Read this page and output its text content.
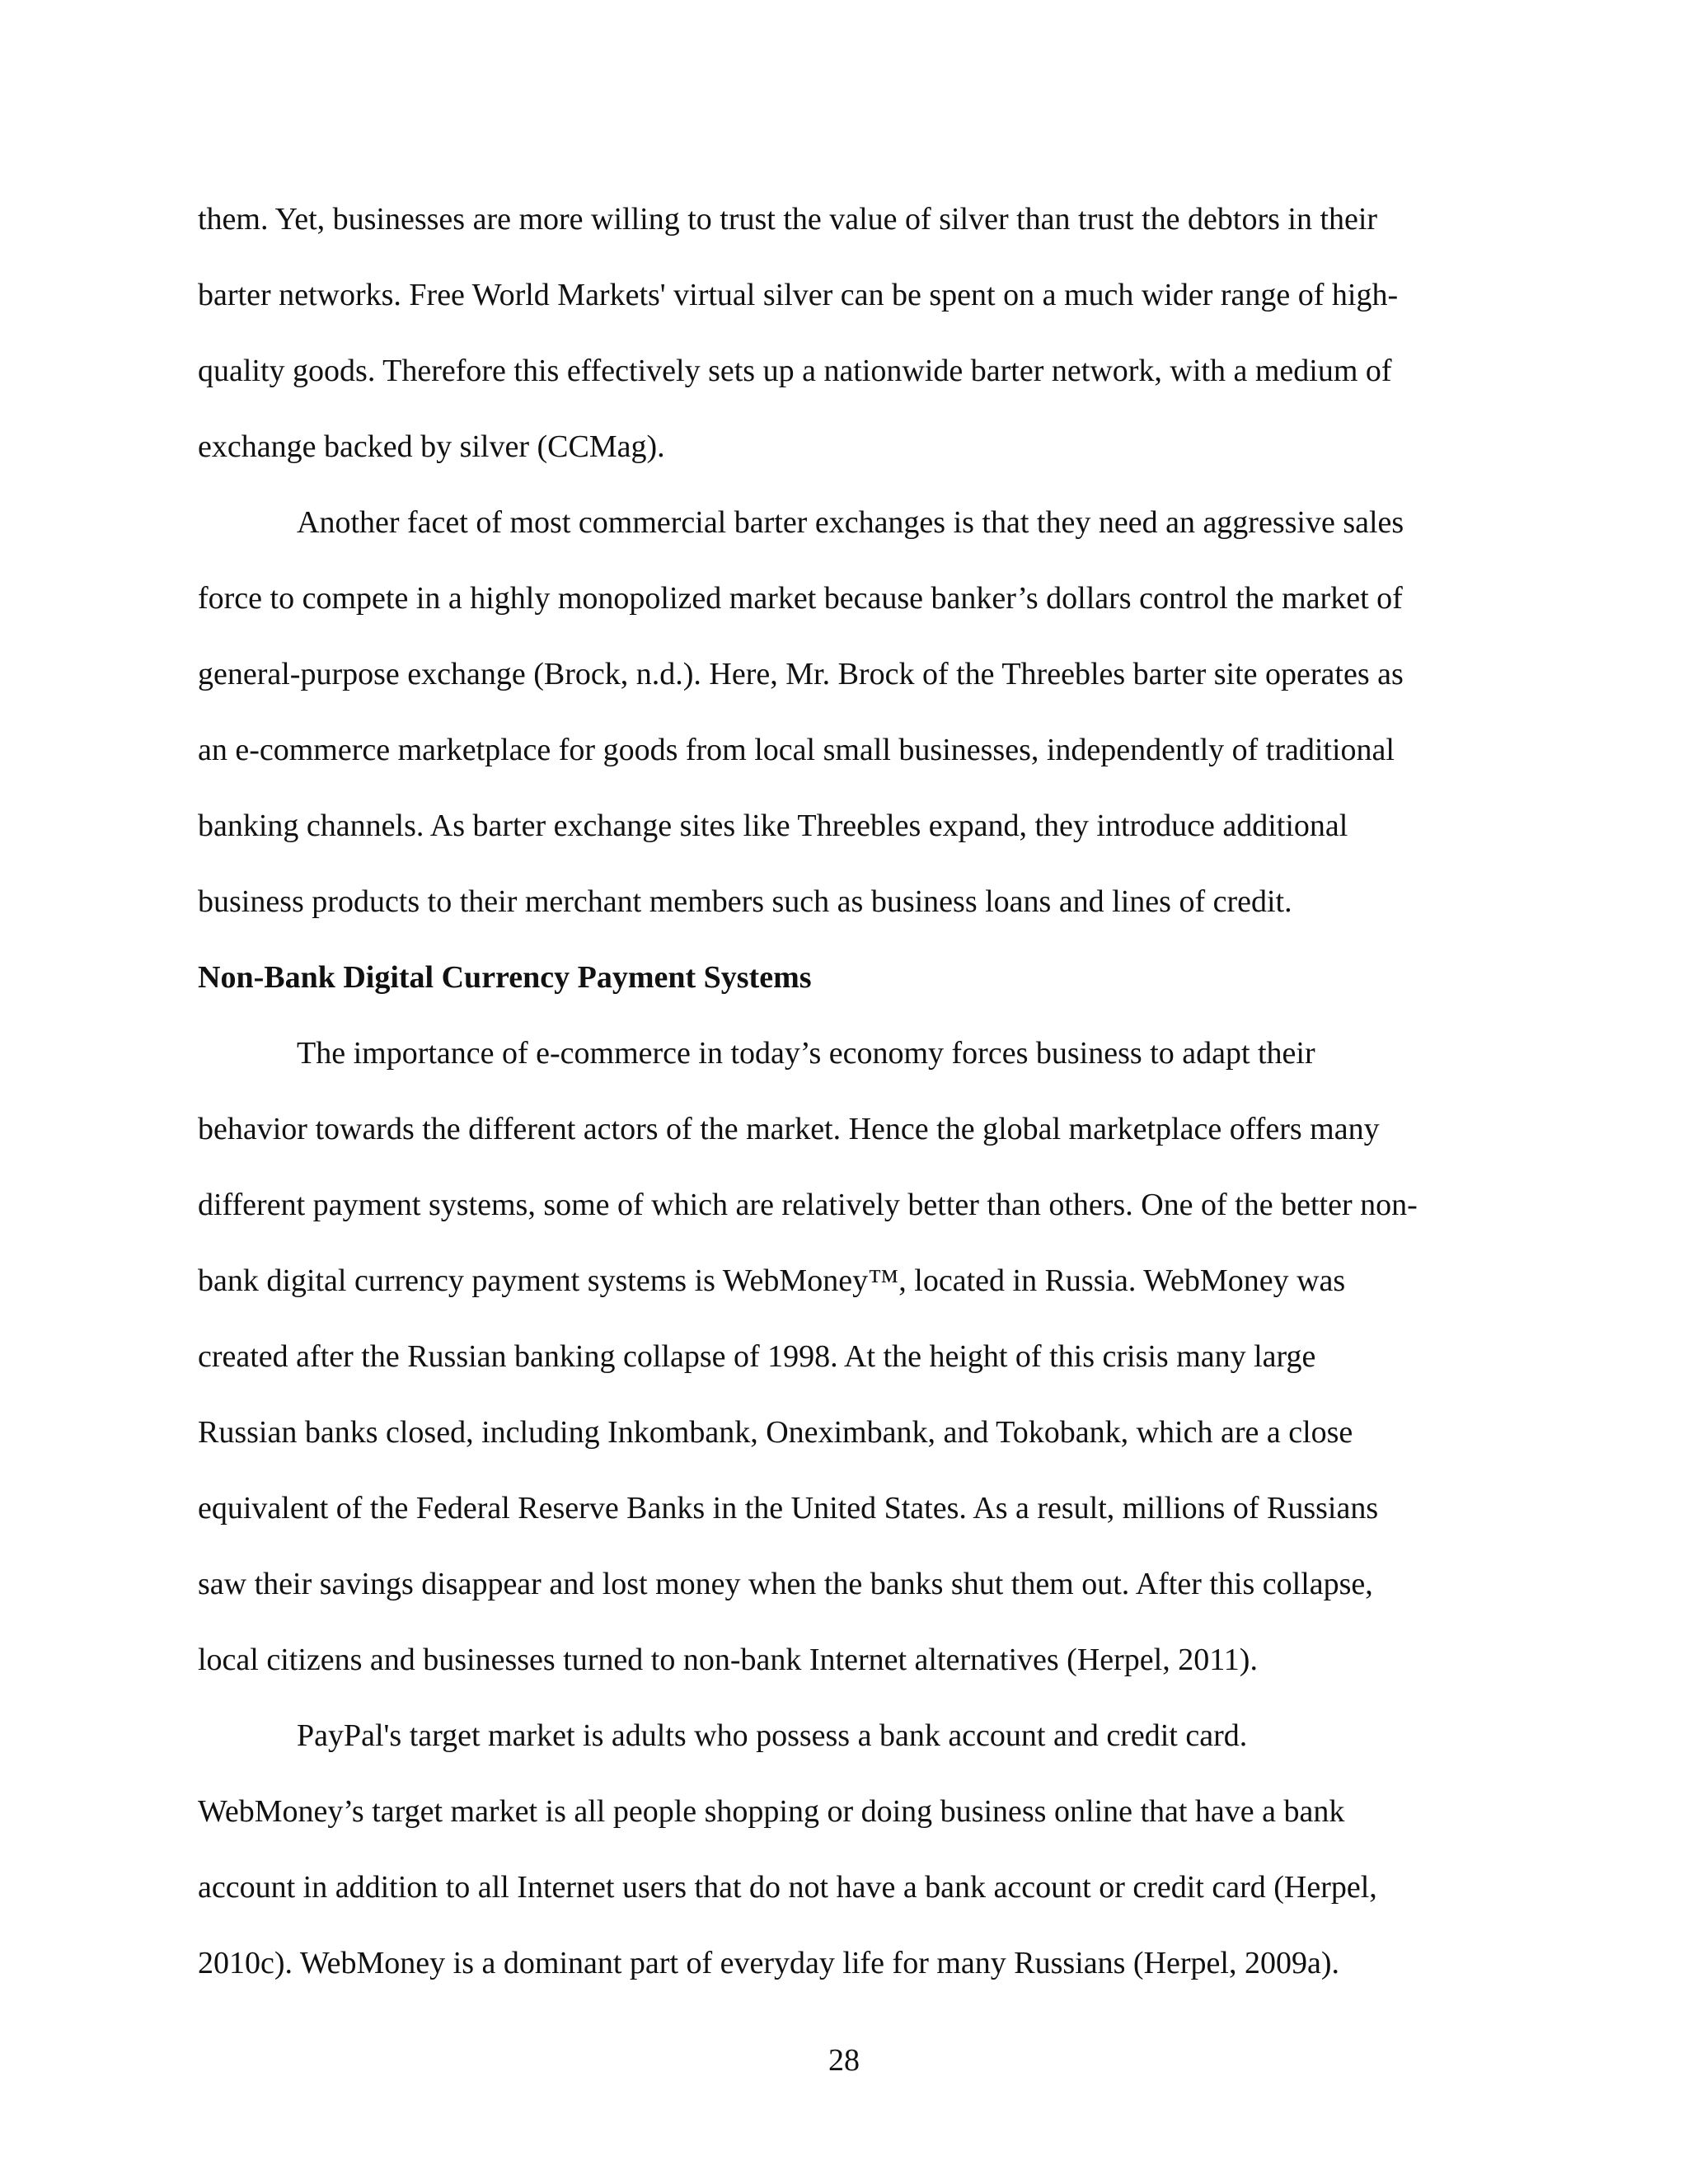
them. Yet, businesses are more willing to trust the value of silver than trust the debtors in their
barter networks. Free World Markets' virtual silver can be spent on a much wider range of high-
quality goods. Therefore this effectively sets up a nationwide barter network, with a medium of
exchange backed by silver (CCMag).
Another facet of most commercial barter exchanges is that they need an aggressive sales
force to compete in a highly monopolized market because banker’s dollars control the market of
general-purpose exchange (Brock, n.d.). Here, Mr. Brock of the Threebles barter site operates as
an e-commerce marketplace for goods from local small businesses, independently of traditional
banking channels. As barter exchange sites like Threebles expand, they introduce additional
business products to their merchant members such as business loans and lines of credit.
Non-Bank Digital Currency Payment Systems
The importance of e-commerce in today’s economy forces business to adapt their
behavior towards the different actors of the market. Hence the global marketplace offers many
different payment systems, some of which are relatively better than others. One of the better non-
bank digital currency payment systems is WebMoney™, located in Russia. WebMoney was
created after the Russian banking collapse of 1998. At the height of this crisis many large
Russian banks closed, including Inkombank, Oneximbank, and Tokobank, which are a close
equivalent of the Federal Reserve Banks in the United States. As a result, millions of Russians
saw their savings disappear and lost money when the banks shut them out. After this collapse,
local citizens and businesses turned to non-bank Internet alternatives (Herpel, 2011).
PayPal's target market is adults who possess a bank account and credit card.
WebMoney’s target market is all people shopping or doing business online that have a bank
account in addition to all Internet users that do not have a bank account or credit card (Herpel,
2010c). WebMoney is a dominant part of everyday life for many Russians (Herpel, 2009a).
28
